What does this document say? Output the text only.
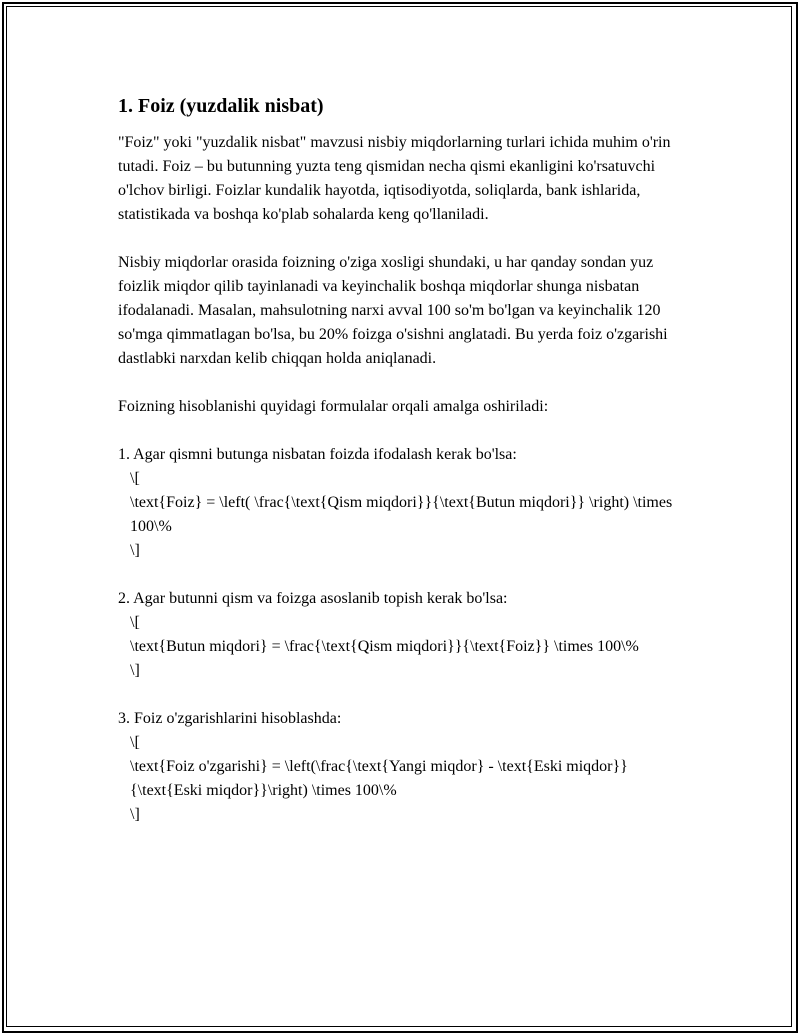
1. Foiz (yuzdalik nisbat)

"Foiz" yoki "yuzdalik nisbat" mavzusi nisbiy miqdorlarning turlari ichida muhim o'rin tutadi. Foiz – bu butunning yuzta teng qismidan necha qismi ekanligini ko'rsatuvchi o'lchov birligi. Foizlar kundalik hayotda, iqtisodiyotda, soliqlarda, bank ishlarida, statistikada va boshqa ko'plab sohalarda keng qo'llaniladi.

Nisbiy miqdorlar orasida foizning o'ziga xosligi shundaki, u har qanday sondan yuz foizlik miqdor qilib tayinlanadi va keyinchalik boshqa miqdorlar shunga nisbatan ifodalanadi. Masalan, mahsulotning narxi avval 100 so'm bo'lgan va keyinchalik 120 so'mga qimmatlagan bo'lsa, bu 20% foizga o'sishni anglatadi. Bu yerda foiz o'zgarishi dastlabki narxdan kelib chiqqan holda aniqlanadi.

Foizning hisoblanishi quyidagi formulalar orqali amalga oshiriladi:

1. Agar qismni butunga nisbatan foizda ifodalash kerak bo'lsa:
\[
\text{Foiz} = \left( \frac{\text{Qism miqdori}}{\text{Butun miqdori}} \right) \times 100\%
\]
2. Agar butunni qism va foizga asoslanib topish kerak bo'lsa:
\[
\text{Butun miqdori} = \frac{\text{Qism miqdori}}{\text{Foiz}} \times 100\%
\]
3. Foiz o'zgarishlarini hisoblashda:
\[
\text{Foiz o'zgarishi} = \left(\frac{\text{Yangi miqdor} - \text{Eski miqdor}}{\text{Eski miqdor}}\right) \times 100\%
\]
